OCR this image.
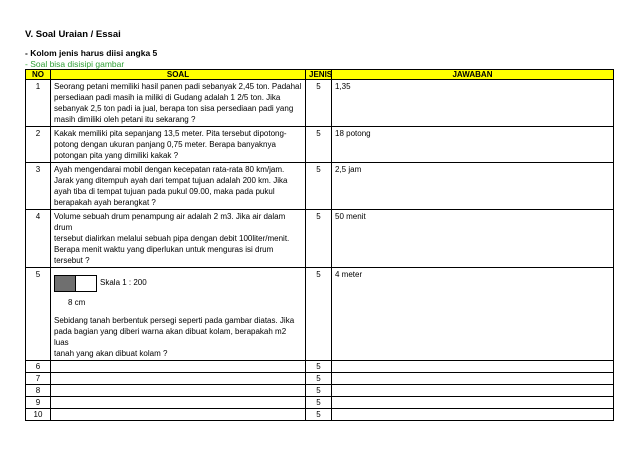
V. Soal Uraian / Essai
- Kolom jenis harus diisi angka 5
- Soal bisa disisipi gambar
NO	SOAL	JENIS	JAWABAN
1	Seorang petani memiliki hasil panen padi sebanyak 2,45 ton. Padahal
persediaan padi masih ia miliki di Gudang adalah 1 2/5 ton. Jika
sebanyak 2,5 ton padi ia jual, berapa ton sisa persediaan padi yang
masih dimiliki oleh petani itu sekarang ?	5	1,35
2	Kakak memiliki pita sepanjang 13,5 meter. Pita tersebut dipotong-
potong dengan ukuran panjang 0,75 meter. Berapa banyaknya
potongan pita yang dimiliki kakak ?	5	18 potong
3	Ayah mengendarai mobil dengan kecepatan rata-rata 80 km/jam.
Jarak yang ditempuh ayah dari tempat tujuan adalah 200 km. Jika
ayah tiba di tempat tujuan pada pukul 09.00, maka pada pukul
berapakah ayah berangkat ?	5	2,5 jam
4	Volume sebuah drum penampung air adalah 2 m3. Jika air dalam drum
tersebut dialirkan melalui sebuah pipa dengan debit 100liter/menit.
Berapa menit waktu yang diperlukan untuk menguras isi drum
tersebut ?	5	50 menit
5	Skala 1 : 200
8 cm
Sebidang tanah berbentuk persegi seperti pada gambar diatas. Jika
pada bagian yang diberi warna akan dibuat kolam, berapakah m2 luas
tanah yang akan dibuat kolam ?	5	4 meter
6		5	
7		5	
8		5	
9		5	
10		5	
